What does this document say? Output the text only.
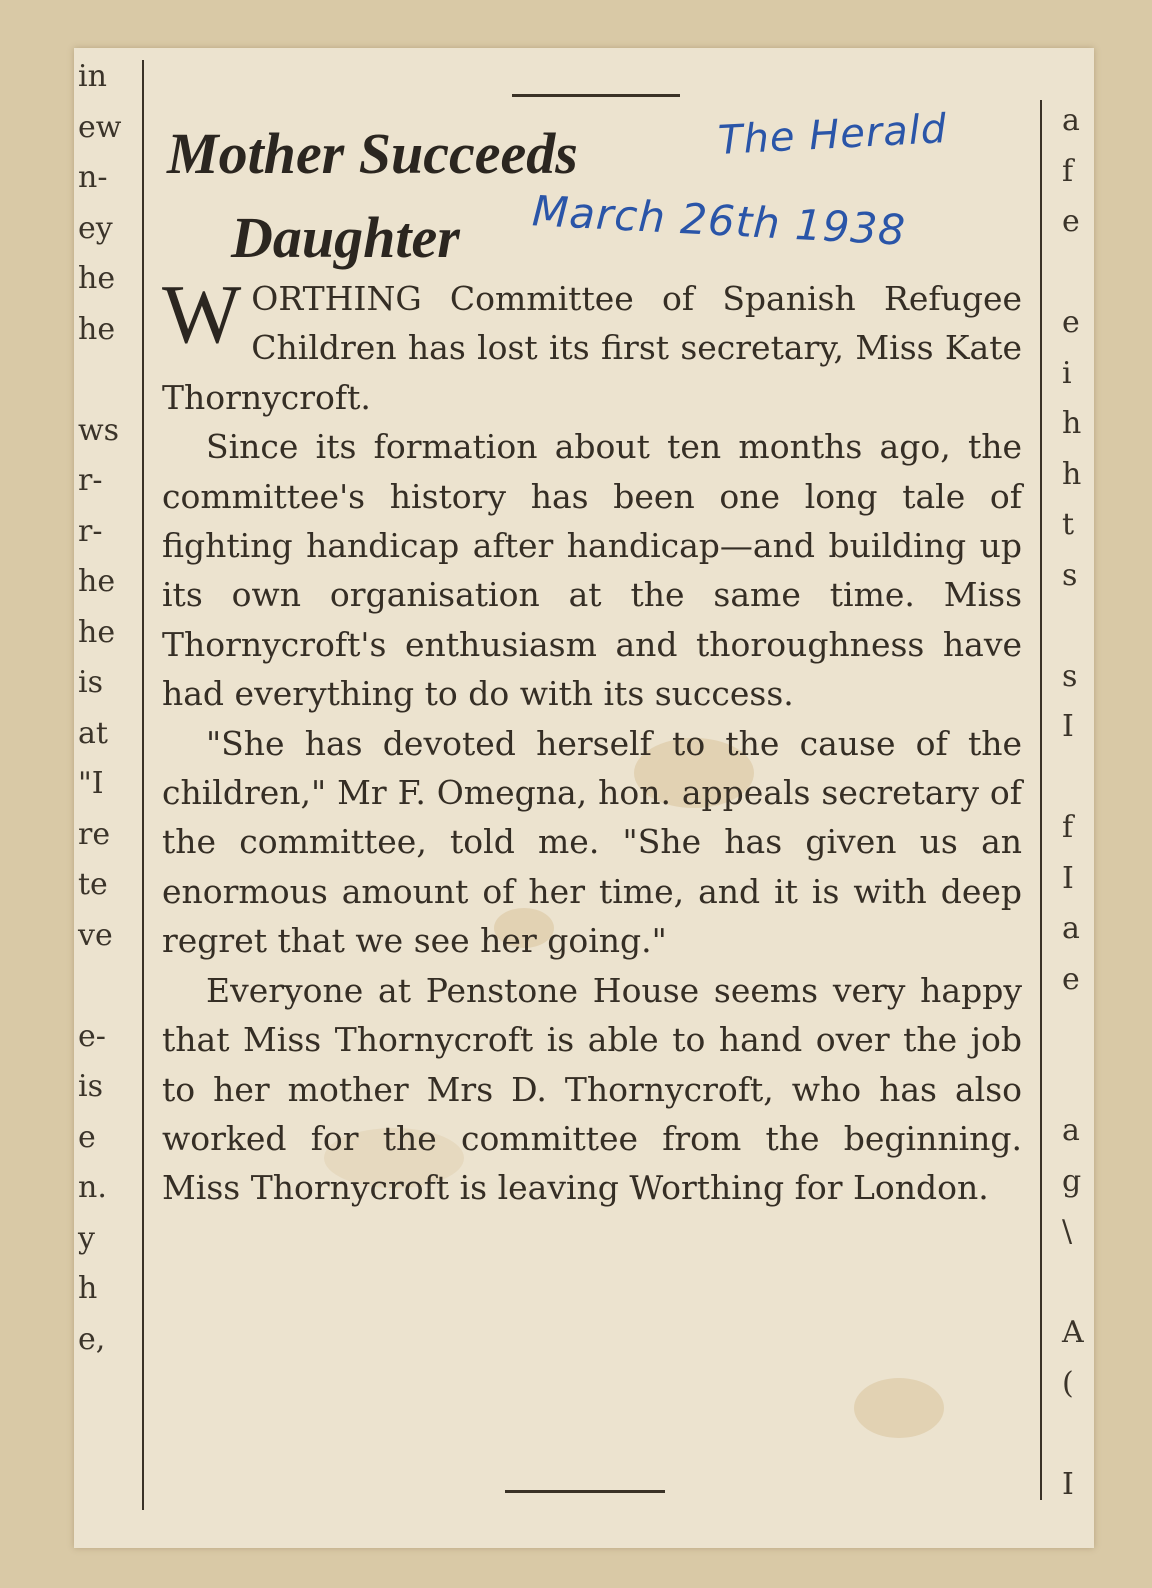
in
ew
n-
ey
he
he
ws
r-
r-
he
he
is
at
"I
re
te
ve
e-
is
e
n.
y
h
e,
a
f
e
e
i
h
h
t
s
s
I
f
I
a
e
a
g
\
A
(
I
Mother Succeeds
Daughter
The Herald
March 26th 1938

WORTHING Committee of Spanish Refugee Children has lost its first secretary, Miss Kate Thornycroft.

Since its formation about ten months ago, the committee's history has been one long tale of fighting handicap after handicap—and building up its own organisation at the same time. Miss Thornycroft's enthusiasm and thoroughness have had everything to do with its success.

"She has devoted herself to the cause of the children," Mr F. Omegna, hon. appeals secretary of the committee, told me. "She has given us an enormous amount of her time, and it is with deep regret that we see her going."

Everyone at Penstone House seems very happy that Miss Thornycroft is able to hand over the job to her mother Mrs D. Thornycroft, who has also worked for the committee from the beginning. Miss Thornycroft is leaving Worthing for London.
